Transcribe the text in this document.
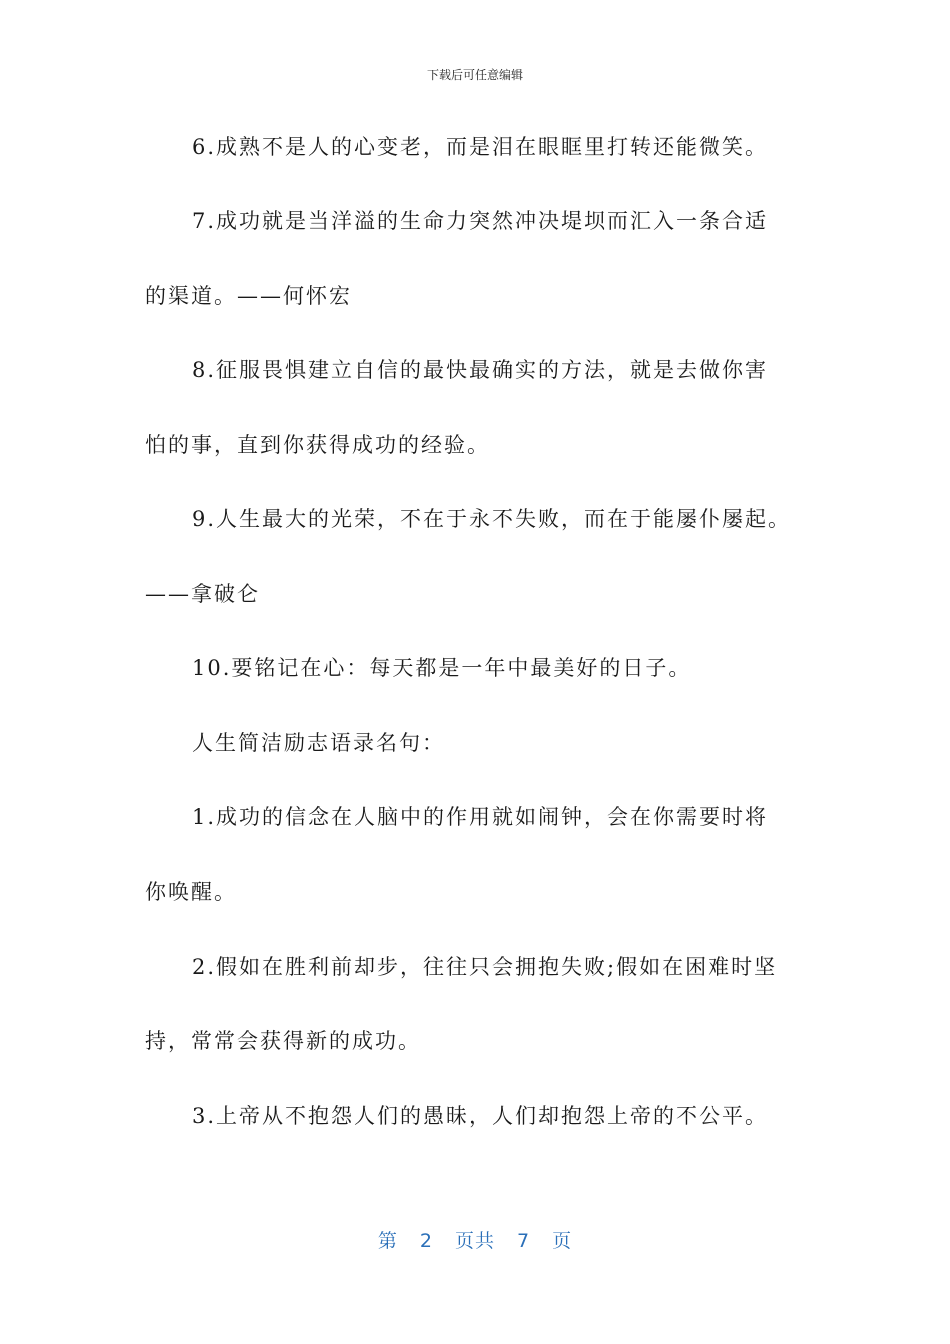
下载后可任意编辑
6.成熟不是人的心变老，而是泪在眼眶里打转还能微笑。
7.成功就是当洋溢的生命力突然冲决堤坝而汇入一条合适
的渠道。——何怀宏
8.征服畏惧建立自信的最快最确实的方法，就是去做你害
怕的事，直到你获得成功的经验。
9.人生最大的光荣，不在于永不失败，而在于能屡仆屡起。
——拿破仑
10.要铭记在心：每天都是一年中最美好的日子。
人生简洁励志语录名句：
1.成功的信念在人脑中的作用就如闹钟，会在你需要时将
你唤醒。
2.假如在胜利前却步，往往只会拥抱失败;假如在困难时坚
持，常常会获得新的成功。
3.上帝从不抱怨人们的愚昧，人们却抱怨上帝的不公平。
第 2 页共 7 页
